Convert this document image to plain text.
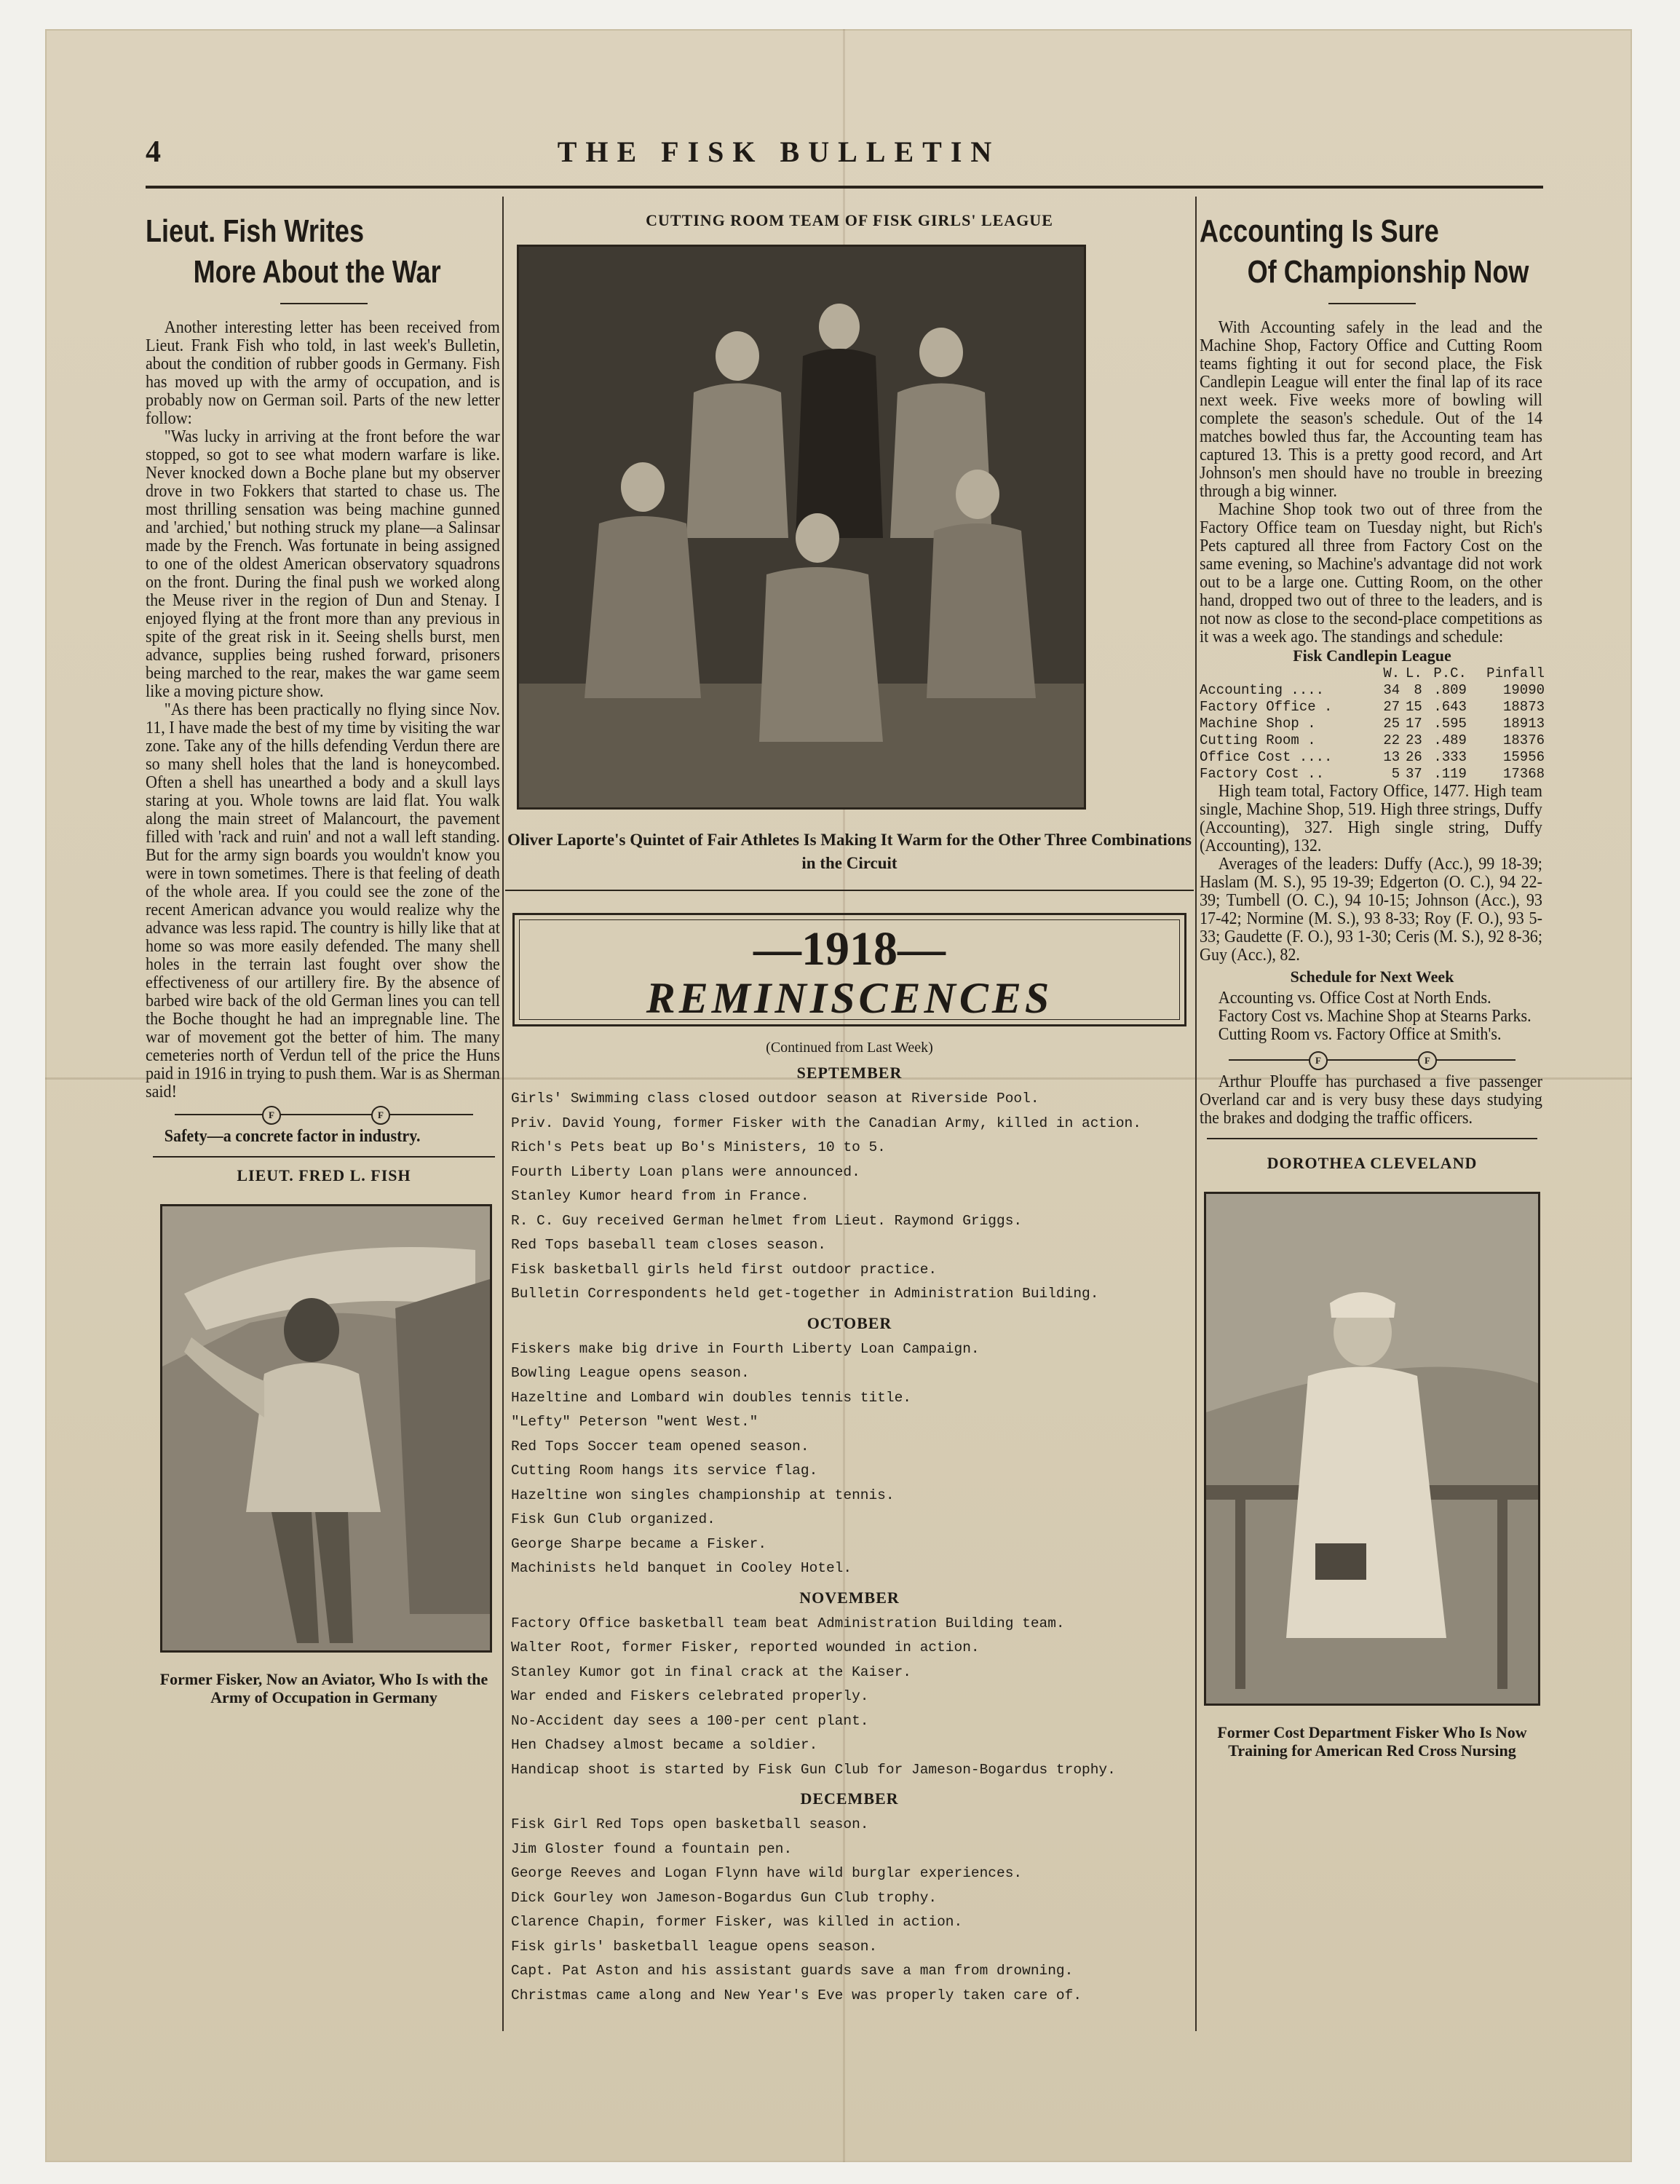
4	THE FISK BULLETIN
Lieut. Fish Writes
More About the War

Another interesting letter has been received from Lieut. Frank Fish who told, in last week's Bulletin, about the condition of rubber goods in Germany. Fish has moved up with the army of occupation, and is probably now on German soil. Parts of the new letter follow:

"Was lucky in arriving at the front before the war stopped, so got to see what modern warfare is like. Never knocked down a Boche plane but my observer drove in two Fokkers that started to chase us. The most thrilling sensation was being machine gunned and 'archied,' but nothing struck my plane—a Salinsar made by the French. Was fortunate in being assigned to one of the oldest American observatory squadrons on the front. During the final push we worked along the Meuse river in the region of Dun and Stenay. I enjoyed flying at the front more than any previous in spite of the great risk in it. Seeing shells burst, men advance, supplies being rushed forward, prisoners being marched to the rear, makes the war game seem like a moving picture show.

"As there has been practically no flying since Nov. 11, I have made the best of my time by visiting the war zone. Take any of the hills defending Verdun there are so many shell holes that the land is honeycombed. Often a shell has unearthed a body and a skull lays staring at you. Whole towns are laid flat. You walk along the main street of Malancourt, the pavement filled with 'rack and ruin' and not a wall left standing. But for the army sign boards you wouldn't know you were in town sometimes. There is that feeling of death of the whole area. If you could see the zone of the recent American advance you would realize why the advance was less rapid. The country is hilly like that at home so was more easily defended. The many shell holes in the terrain last fought over show the effectiveness of our artillery fire. By the absence of barbed wire back of the old German lines you can tell the Boche thought he had an impregnable line. The war of movement got the better of him. The many cemeteries north of Verdun tell of the price the Huns paid in 1916 in trying to push them. War is as Sherman said!

F	F

Safety—a concrete factor in industry.

LIEUT. FRED L. FISH
Former Fisker, Now an Aviator, Who Is with the Army of Occupation in Germany
CUTTING ROOM TEAM OF FISK GIRLS' LEAGUE
Oliver Laporte's Quintet of Fair Athletes Is Making It Warm for the Other Three Combinations in the Circuit
—1918—
REMINISCENCES
(Continued from Last Week)
SEPTEMBER
Girls' Swimming class closed outdoor season at Riverside Pool.
Priv. David Young, former Fisker with the Canadian Army, killed in action.
Rich's Pets beat up Bo's Ministers, 10 to 5.
Fourth Liberty Loan plans were announced.
Stanley Kumor heard from in France.
R. C. Guy received German helmet from Lieut. Raymond Griggs.
Red Tops baseball team closes season.
Fisk basketball girls held first outdoor practice.
Bulletin Correspondents held get-together in Administration Building.
OCTOBER
Fiskers make big drive in Fourth Liberty Loan Campaign.
Bowling League opens season.
Hazeltine and Lombard win doubles tennis title.
"Lefty" Peterson "went West."
Red Tops Soccer team opened season.
Cutting Room hangs its service flag.
Hazeltine won singles championship at tennis.
Fisk Gun Club organized.
George Sharpe became a Fisker.
Machinists held banquet in Cooley Hotel.
NOVEMBER
Factory Office basketball team beat Administration Building team.
Walter Root, former Fisker, reported wounded in action.
Stanley Kumor got in final crack at the Kaiser.
War ended and Fiskers celebrated properly.
No-Accident day sees a 100-per cent plant.
Hen Chadsey almost became a soldier.
Handicap shoot is started by Fisk Gun Club for Jameson-Bogardus trophy.
DECEMBER
Fisk Girl Red Tops open basketball season.
Jim Gloster found a fountain pen.
George Reeves and Logan Flynn have wild burglar experiences.
Dick Gourley won Jameson-Bogardus Gun Club trophy.
Clarence Chapin, former Fisker, was killed in action.
Fisk girls' basketball league opens season.
Capt. Pat Aston and his assistant guards save a man from drowning.
Christmas came along and New Year's Eve was properly taken care of.
Accounting Is Sure
Of Championship Now

With Accounting safely in the lead and the Machine Shop, Factory Office and Cutting Room teams fighting it out for second place, the Fisk Candlepin League will enter the final lap of its race next week. Five weeks more of bowling will complete the season's schedule. Out of the 14 matches bowled thus far, the Accounting team has captured 13. This is a pretty good record, and Art Johnson's men should have no trouble in breezing through a big winner.

Machine Shop took two out of three from the Factory Office team on Tuesday night, but Rich's Pets captured all three from Factory Cost on the same evening, so Machine's advantage did not work out to be a large one. Cutting Room, on the other hand, dropped two out of three to the leaders, and is not now as close to the second-place competitions as it was a week ago. The standings and schedule:

Fisk Candlepin League
	W.	L.	P.C.	Pinfall
Accounting ....	34	8	.809	19090
Factory Office .	27	15	.643	18873
Machine Shop .	25	17	.595	18913
Cutting Room .	22	23	.489	18376
Office Cost ....	13	26	.333	15956
Factory Cost ..	5	37	.119	17368

High team total, Factory Office, 1477. High team single, Machine Shop, 519. High three strings, Duffy (Accounting), 327. High single string, Duffy (Accounting), 132.

Averages of the leaders: Duffy (Acc.), 99 18-39; Haslam (M. S.), 95 19-39; Edgerton (O. C.), 94 22-39; Tumbell (O. C.), 94 10-15; Johnson (Acc.), 93 17-42; Normine (M. S.), 93 8-33; Roy (F. O.), 93 5-33; Gaudette (F. O.), 93 1-30; Ceris (M. S.), 92 8-36; Guy (Acc.), 82.

Schedule for Next Week

Accounting vs. Office Cost at North Ends.

Factory Cost vs. Machine Shop at Stearns Parks.

Cutting Room vs. Factory Office at Smith's.

F	F

Arthur Plouffe has purchased a five passenger Overland car and is very busy these days studying the brakes and dodging the traffic officers.

DOROTHEA CLEVELAND
Former Cost Department Fisker Who Is Now Training for American Red Cross Nursing
